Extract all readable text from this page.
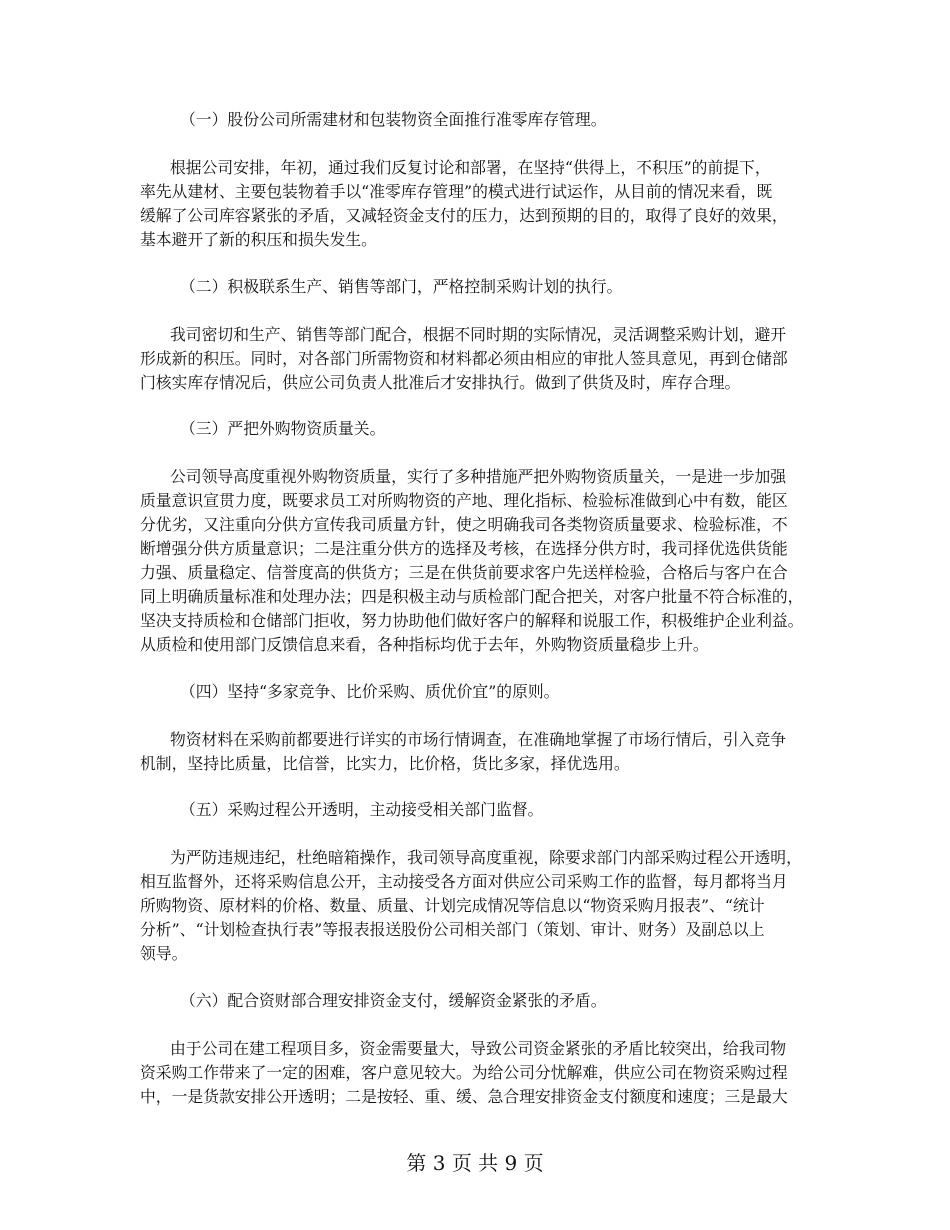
（一）股份公司所需建材和包装物资全面推行准零库存管理。
根据公司安排，年初，通过我们反复讨论和部署，在坚持“供得上，不积压”的前提下，
率先从建材、主要包装物着手以“准零库存管理”的模式进行试运作，从目前的情况来看，既
缓解了公司库容紧张的矛盾，又减轻资金支付的压力，达到预期的目的，取得了良好的效果，
基本避开了新的积压和损失发生。
（二）积极联系生产、销售等部门，严格控制采购计划的执行。
我司密切和生产、销售等部门配合，根据不同时期的实际情况，灵活调整采购计划，避开
形成新的积压。同时，对各部门所需物资和材料都必须由相应的审批人签具意见，再到仓储部
门核实库存情况后，供应公司负责人批准后才安排执行。做到了供货及时，库存合理。
（三）严把外购物资质量关。
公司领导高度重视外购物资质量，实行了多种措施严把外购物资质量关，一是进一步加强
质量意识宣贯力度，既要求员工对所购物资的产地、理化指标、检验标准做到心中有数，能区
分优劣，又注重向分供方宣传我司质量方针，使之明确我司各类物资质量要求、检验标准，不
断增强分供方质量意识；二是注重分供方的选择及考核，在选择分供方时，我司择优选供货能
力强、质量稳定、信誉度高的供货方；三是在供货前要求客户先送样检验，合格后与客户在合
同上明确质量标准和处理办法；四是积极主动与质检部门配合把关，对客户批量不符合标准的，
坚决支持质检和仓储部门拒收，努力协助他们做好客户的解释和说服工作，积极维护企业利益。
从质检和使用部门反馈信息来看，各种指标均优于去年，外购物资质量稳步上升。
（四）坚持“多家竞争、比价采购、质优价宜”的原则。
物资材料在采购前都要进行详实的市场行情调查，在准确地掌握了市场行情后，引入竞争
机制，坚持比质量，比信誉，比实力，比价格，货比多家，择优选用。
（五）采购过程公开透明，主动接受相关部门监督。
为严防违规违纪，杜绝暗箱操作，我司领导高度重视，除要求部门内部采购过程公开透明，
相互监督外，还将采购信息公开，主动接受各方面对供应公司采购工作的监督，每月都将当月
所购物资、原材料的价格、数量、质量、计划完成情况等信息以“物资采购月报表”、“统计
分析”、“计划检查执行表”等报表报送股份公司相关部门（策划、审计、财务）及副总以上
领导。
（六）配合资财部合理安排资金支付，缓解资金紧张的矛盾。
由于公司在建工程项目多，资金需要量大，导致公司资金紧张的矛盾比较突出，给我司物
资采购工作带来了一定的困难，客户意见较大。为给公司分忧解难，供应公司在物资采购过程
中，一是货款安排公开透明；二是按轻、重、缓、急合理安排资金支付额度和速度；三是最大
第 3 页 共 9 页
